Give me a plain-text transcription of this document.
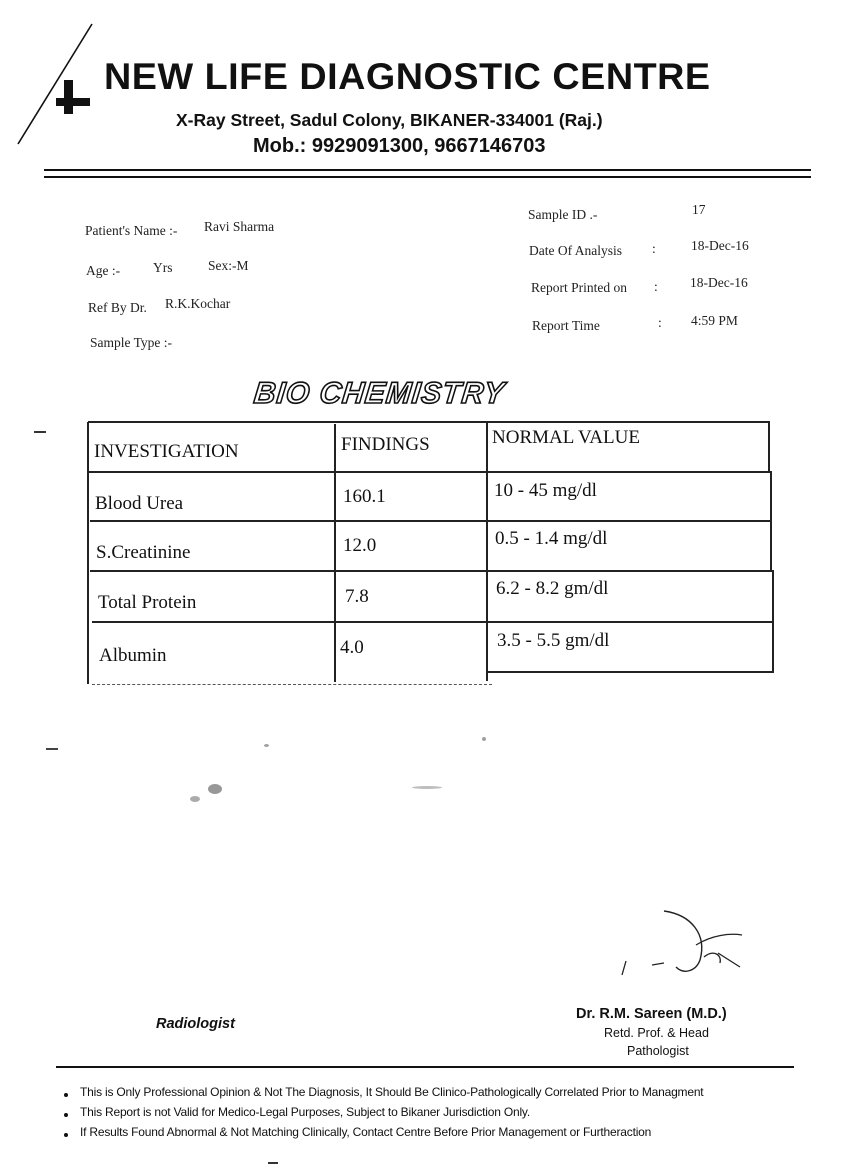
NEW LIFE DIAGNOSTIC CENTRE
X-Ray Street, Sadul Colony, BIKANER-334001 (Raj.)
Mob.: 9929091300, 9667146703
Patient's Name :- Ravi Sharma
Age :- Yrs	Sex:-M
Ref By Dr. R.K.Kochar
Sample Type :-
Sample ID .-	17
Date Of Analysis :	18-Dec-16
Report Printed on : 18-Dec-16
Report Time	: 4:59 PM
BIO CHEMISTRY
INVESTIGATION	FINDINGS	NORMAL VALUE
Blood Urea	160.1	10 - 45 mg/dl
S.Creatinine	12.0	0.5 - 1.4 mg/dl
Total Protein	7.8	6.2 - 8.2 gm/dl
Albumin	4.0	3.5 - 5.5 gm/dl
Radiologist
Dr. R.M. Sareen (M.D.)
Retd. Prof. & Head
Pathologist
This is Only Professional Opinion & Not The Diagnosis, It Should Be Clinico-Pathologically Correlated Prior to Managment
This Report is not Valid for Medico-Legal Purposes, Subject to Bikaner Jurisdiction Only.
If Results Found Abnormal & Not Matching Clinically, Contact Centre Before Prior Management or Furtheraction
